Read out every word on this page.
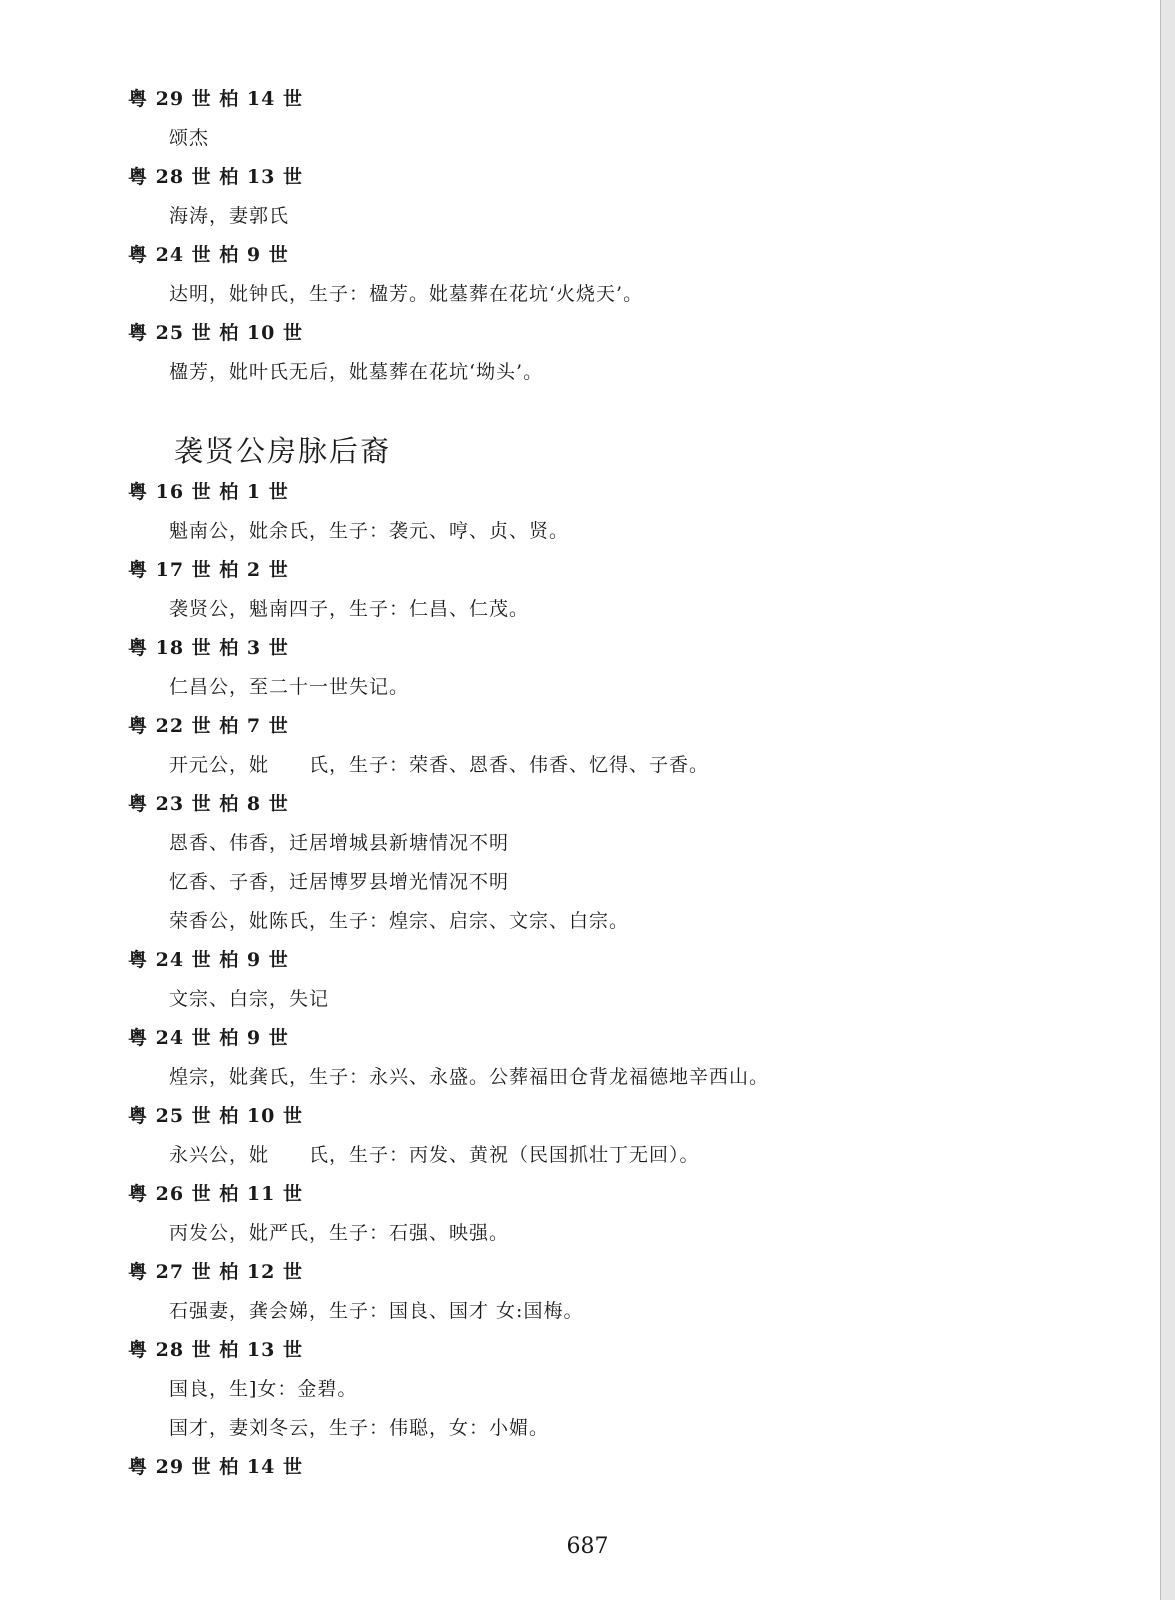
粤 29 世 柏 14 世
颂杰
粤 28 世 柏 13 世
海涛，妻郭氏
粤 24 世 柏 9 世
达明，妣钟氏，生子：楹芳。妣墓葬在花坑‘火烧天’。
粤 25 世 柏 10 世
楹芳，妣叶氏无后，妣墓葬在花坑‘坳头’。
袭贤公房脉后裔
粤 16 世 柏 1 世
魁南公，妣余氏，生子：袭元、哼、贞、贤。
粤 17 世 柏 2 世
袭贤公，魁南四子，生子：仁昌、仁茂。
粤 18 世 柏 3 世
仁昌公，至二十一世失记。
粤 22 世 柏 7 世
开元公，妣　　氏，生子：荣香、恩香、伟香、忆得、子香。
粤 23 世 柏 8 世
恩香、伟香，迁居增城县新塘情况不明
忆香、子香，迁居博罗县增光情况不明
荣香公，妣陈氏，生子：煌宗、启宗、文宗、白宗。
粤 24 世 柏 9 世
文宗、白宗，失记
粤 24 世 柏 9 世
煌宗，妣龚氏，生子：永兴、永盛。公葬福田仓背龙福德地辛西山。
粤 25 世 柏 10 世
永兴公，妣　　氏，生子：丙发、黄祝（民国抓壮丁无回）。
粤 26 世 柏 11 世
丙发公，妣严氏，生子：石强、映强。
粤 27 世 柏 12 世
石强妻，龚会娣，生子：国良、国才 女:国梅。
粤 28 世 柏 13 世
国良，生]女：金碧。
国才，妻刘冬云，生子：伟聪，女：小媚。
粤 29 世 柏 14 世
687
